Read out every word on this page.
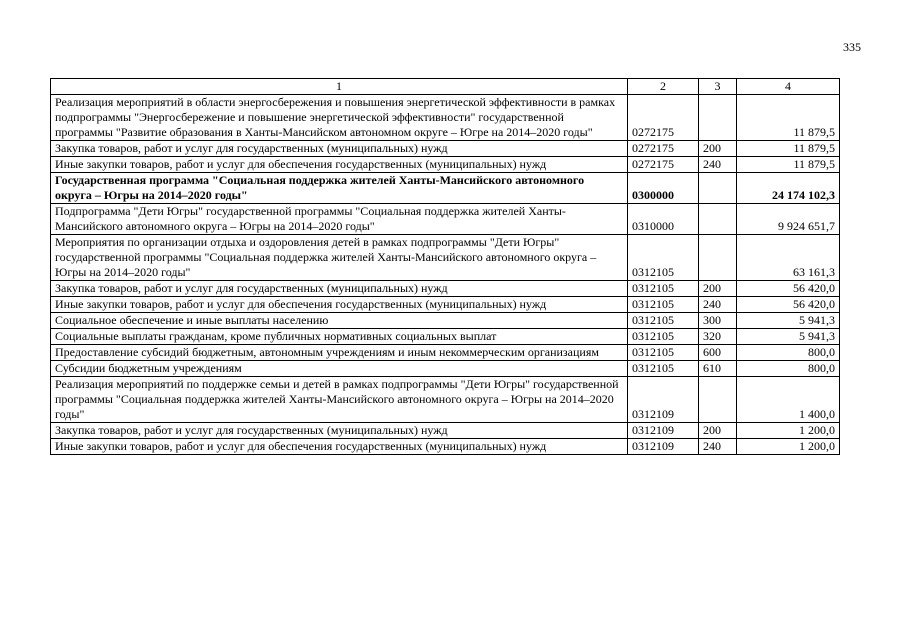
335
1	2	3	4
Реализация мероприятий в области энергосбережения и повышения энергетической эффективности в рамках подпрограммы "Энергосбережение и повышение энергетической эффективности" государственной программы "Развитие образования в Ханты-Мансийском автономном округе – Югре на 2014–2020 годы"	0272175		11 879,5
Закупка товаров, работ и услуг для государственных (муниципальных) нужд	0272175	200	11 879,5
Иные закупки товаров, работ и услуг для обеспечения государственных (муниципальных) нужд	0272175	240	11 879,5
Государственная программа "Социальная поддержка жителей Ханты-Мансийского автономного округа – Югры на 2014–2020 годы"	0300000		24 174 102,3
Подпрограмма "Дети Югры" государственной программы "Социальная поддержка жителей Ханты-Мансийского автономного округа – Югры на 2014–2020 годы"	0310000		9 924 651,7
Мероприятия по организации отдыха и оздоровления детей в рамках подпрограммы "Дети Югры" государственной программы "Социальная поддержка жителей Ханты-Мансийского автономного округа – Югры на 2014–2020 годы"	0312105		63 161,3
Закупка товаров, работ и услуг для государственных (муниципальных) нужд	0312105	200	56 420,0
Иные закупки товаров, работ и услуг для обеспечения государственных (муниципальных) нужд	0312105	240	56 420,0
Социальное обеспечение и иные выплаты населению	0312105	300	5 941,3
Социальные выплаты гражданам, кроме публичных нормативных социальных выплат	0312105	320	5 941,3
Предоставление субсидий бюджетным, автономным учреждениям и иным некоммерческим организациям	0312105	600	800,0
Субсидии бюджетным учреждениям	0312105	610	800,0
Реализация мероприятий по поддержке семьи и детей в рамках подпрограммы "Дети Югры" государственной программы "Социальная поддержка жителей Ханты-Мансийского автономного округа – Югры на 2014–2020 годы"	0312109		1 400,0
Закупка товаров, работ и услуг для государственных (муниципальных) нужд	0312109	200	1 200,0
Иные закупки товаров, работ и услуг для обеспечения государственных (муниципальных) нужд	0312109	240	1 200,0
